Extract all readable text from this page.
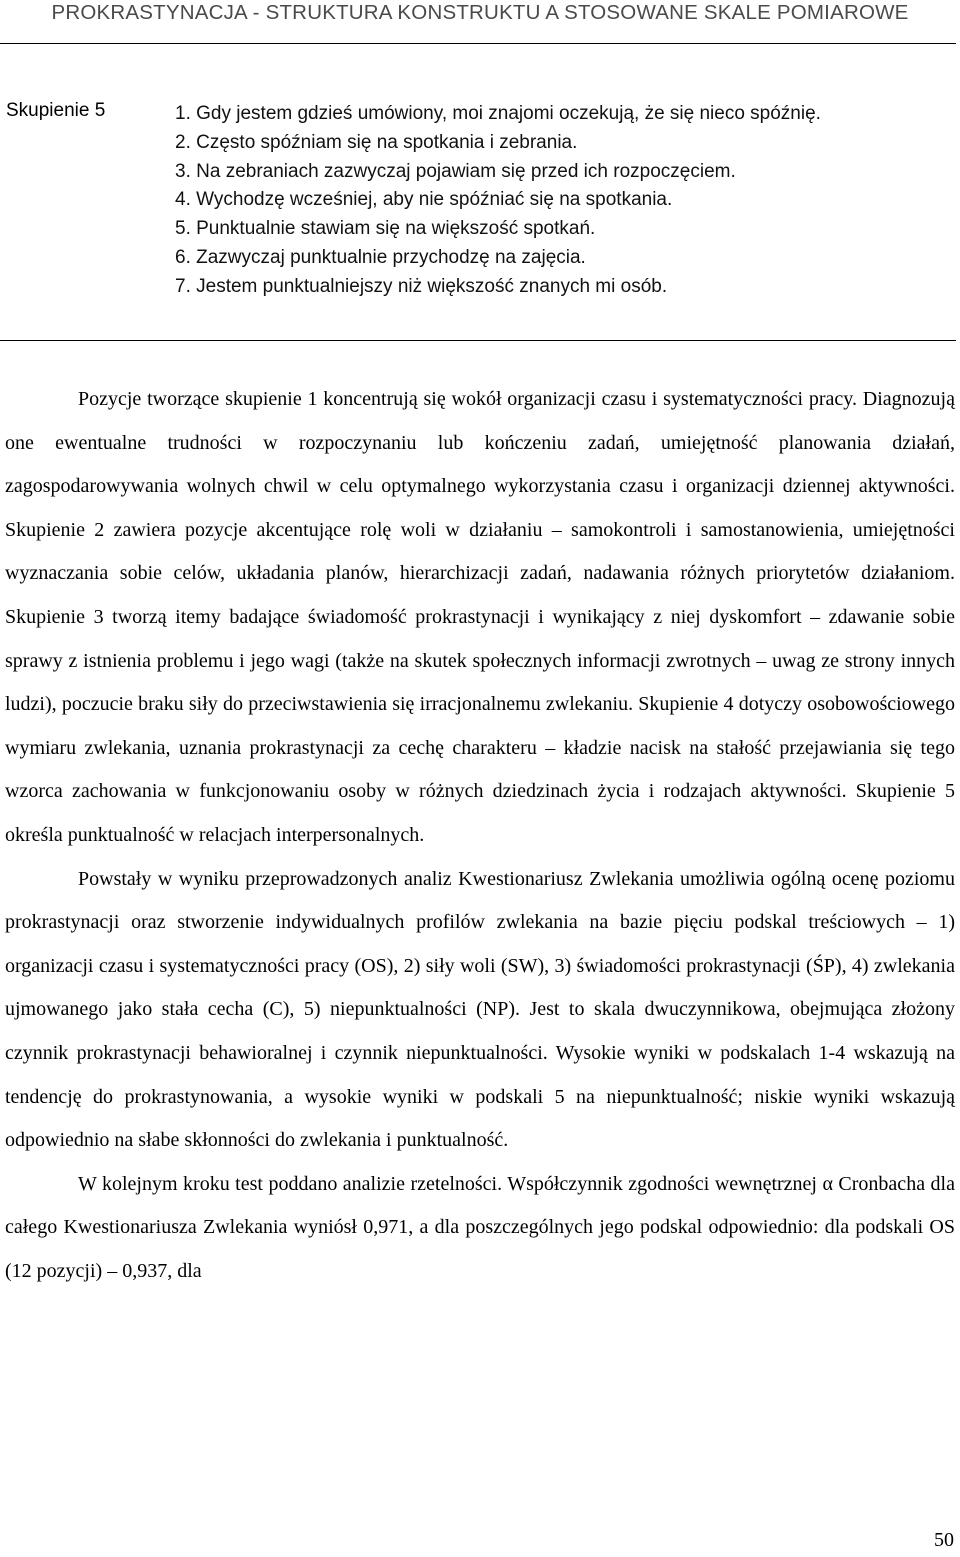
PROKRASTYNACJA - STRUKTURA KONSTRUKTU A STOSOWANE SKALE POMIAROWE
Skupienie 5	1. Gdy jestem gdzieś umówiony, moi znajomi oczekują, że się nieco spóźnię.
2. Często spóźniam się na spotkania i zebrania.
3. Na zebraniach zazwyczaj pojawiam się przed ich rozpoczęciem.
4. Wychodzę wcześniej, aby nie spóźniać się na spotkania.
5. Punktualnie stawiam się na większość spotkań.
6. Zazwyczaj punktualnie przychodzę na zajęcia.
7. Jestem punktualniejszy niż większość znanych mi osób.

Pozycje tworzące skupienie 1 koncentrują się wokół organizacji czasu i systematyczności pracy. Diagnozują one ewentualne trudności w rozpoczynaniu lub kończeniu zadań, umiejętność planowania działań, zagospodarowywania wolnych chwil w celu optymalnego wykorzystania czasu i organizacji dziennej aktywności. Skupienie 2 zawiera pozycje akcentujące rolę woli w działaniu – samokontroli i samostanowienia, umiejętności wyznaczania sobie celów, układania planów, hierarchizacji zadań, nadawania różnych priorytetów działaniom. Skupienie 3 tworzą itemy badające świadomość prokrastynacji i wynikający z niej dyskomfort – zdawanie sobie sprawy z istnienia problemu i jego wagi (także na skutek społecznych informacji zwrotnych – uwag ze strony innych ludzi), poczucie braku siły do przeciwstawienia się irracjonalnemu zwlekaniu. Skupienie 4 dotyczy osobowościowego wymiaru zwlekania, uznania prokrastynacji za cechę charakteru – kładzie nacisk na stałość przejawiania się tego wzorca zachowania w funkcjonowaniu osoby w różnych dziedzinach życia i rodzajach aktywności. Skupienie 5 określa punktualność w relacjach interpersonalnych.

Powstały w wyniku przeprowadzonych analiz Kwestionariusz Zwlekania umożliwia ogólną ocenę poziomu prokrastynacji oraz stworzenie indywidualnych profilów zwlekania na bazie pięciu podskal treściowych – 1) organizacji czasu i systematyczności pracy (OS), 2) siły woli (SW), 3) świadomości prokrastynacji (ŚP), 4) zwlekania ujmowanego jako stała cecha (C), 5) niepunktualności (NP). Jest to skala dwuczynnikowa, obejmująca złożony czynnik prokrastynacji behawioralnej i czynnik niepunktualności. Wysokie wyniki w podskalach 1-4 wskazują na tendencję do prokrastynowania, a wysokie wyniki w podskali 5 na niepunktualność; niskie wyniki wskazują odpowiednio na słabe skłonności do zwlekania i punktualność.

W kolejnym kroku test poddano analizie rzetelności. Współczynnik zgodności wewnętrznej α Cronbacha dla całego Kwestionariusza Zwlekania wyniósł 0,971, a dla poszczególnych jego podskal odpowiednio: dla podskali OS (12 pozycji) – 0,937, dla

50
